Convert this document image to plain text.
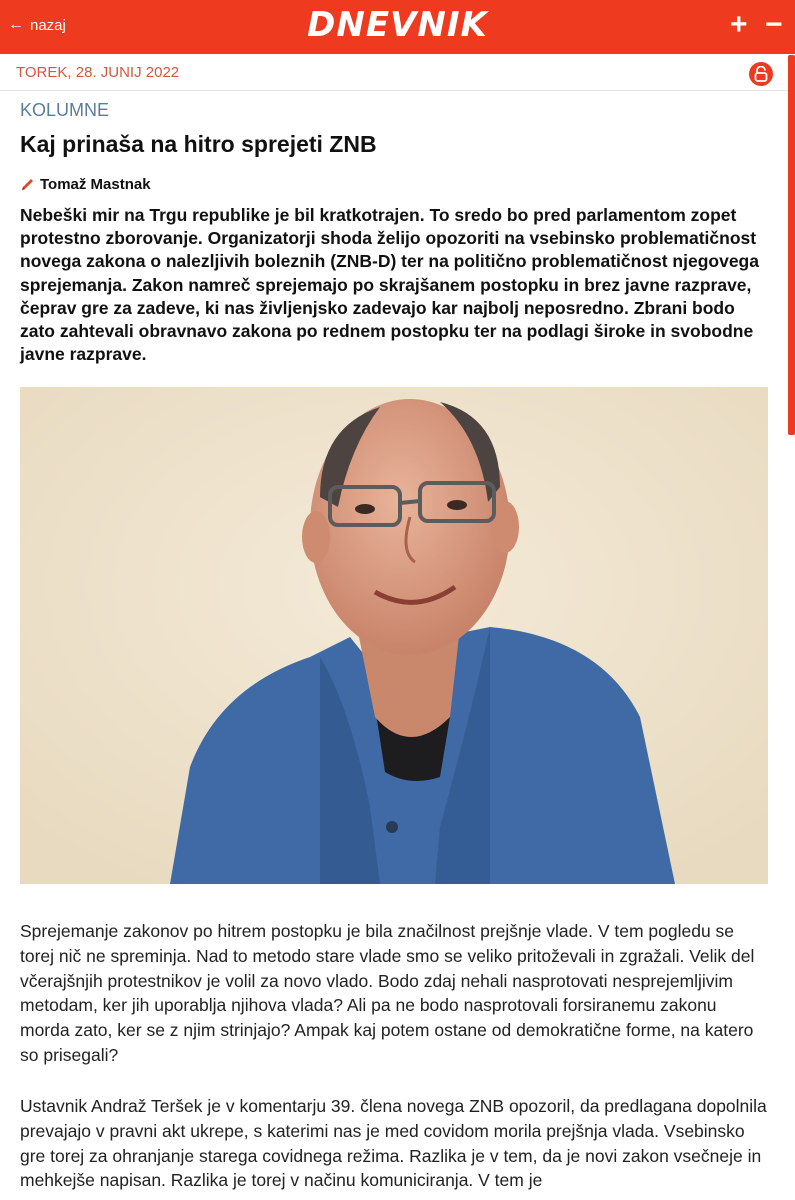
← nazaj	DNEVNIK	+ −
TOREK, 28. JUNIJ 2022
KOLUMNE
Kaj prinaša na hitro sprejeti ZNB
Tomaž Mastnak

Nebeški mir na Trgu republike je bil kratkotrajen. To sredo bo pred parlamentom zopet protestno zborovanje. Organizatorji shoda želijo opozoriti na vsebinsko problematičnost novega zakona o nalezljivih boleznih (ZNB-D) ter na politično problematičnost njegovega sprejemanja. Zakon namreč sprejemajo po skrajšanem postopku in brez javne razprave, čeprav gre za zadeve, ki nas življenjsko zadevajo kar najbolj neposredno. Zbrani bodo zato zahtevali obravnavo zakona po rednem postopku ter na podlagi široke in svobodne javne razprave.

Sprejemanje zakonov po hitrem postopku je bila značilnost prejšnje vlade. V tem pogledu se torej nič ne spreminja. Nad to metodo stare vlade smo se veliko pritoževali in zgražali. Velik del včerajšnjih protestnikov je volil za novo vlado. Bodo zdaj nehali nasprotovati nesprejemljivim metodam, ker jih uporablja njihova vlada? Ali pa ne bodo nasprotovali forsiranemu zakonu morda zato, ker se z njim strinjajo? Ampak kaj potem ostane od demokratične forme, na katero so prisegali?

Ustavnik Andraž Teršek je v komentarju 39. člena novega ZNB opozoril, da predlagana dopolnila prevajajo v pravni akt ukrepe, s katerimi nas je med covidom morila prejšnja vlada. Vsebinsko gre torej za ohranjanje starega covidnega režima. Razlika je v tem, da je novi zakon vsečneje in mehkejše napisan. Razlika je torej v načinu komuniciranja. V tem je
